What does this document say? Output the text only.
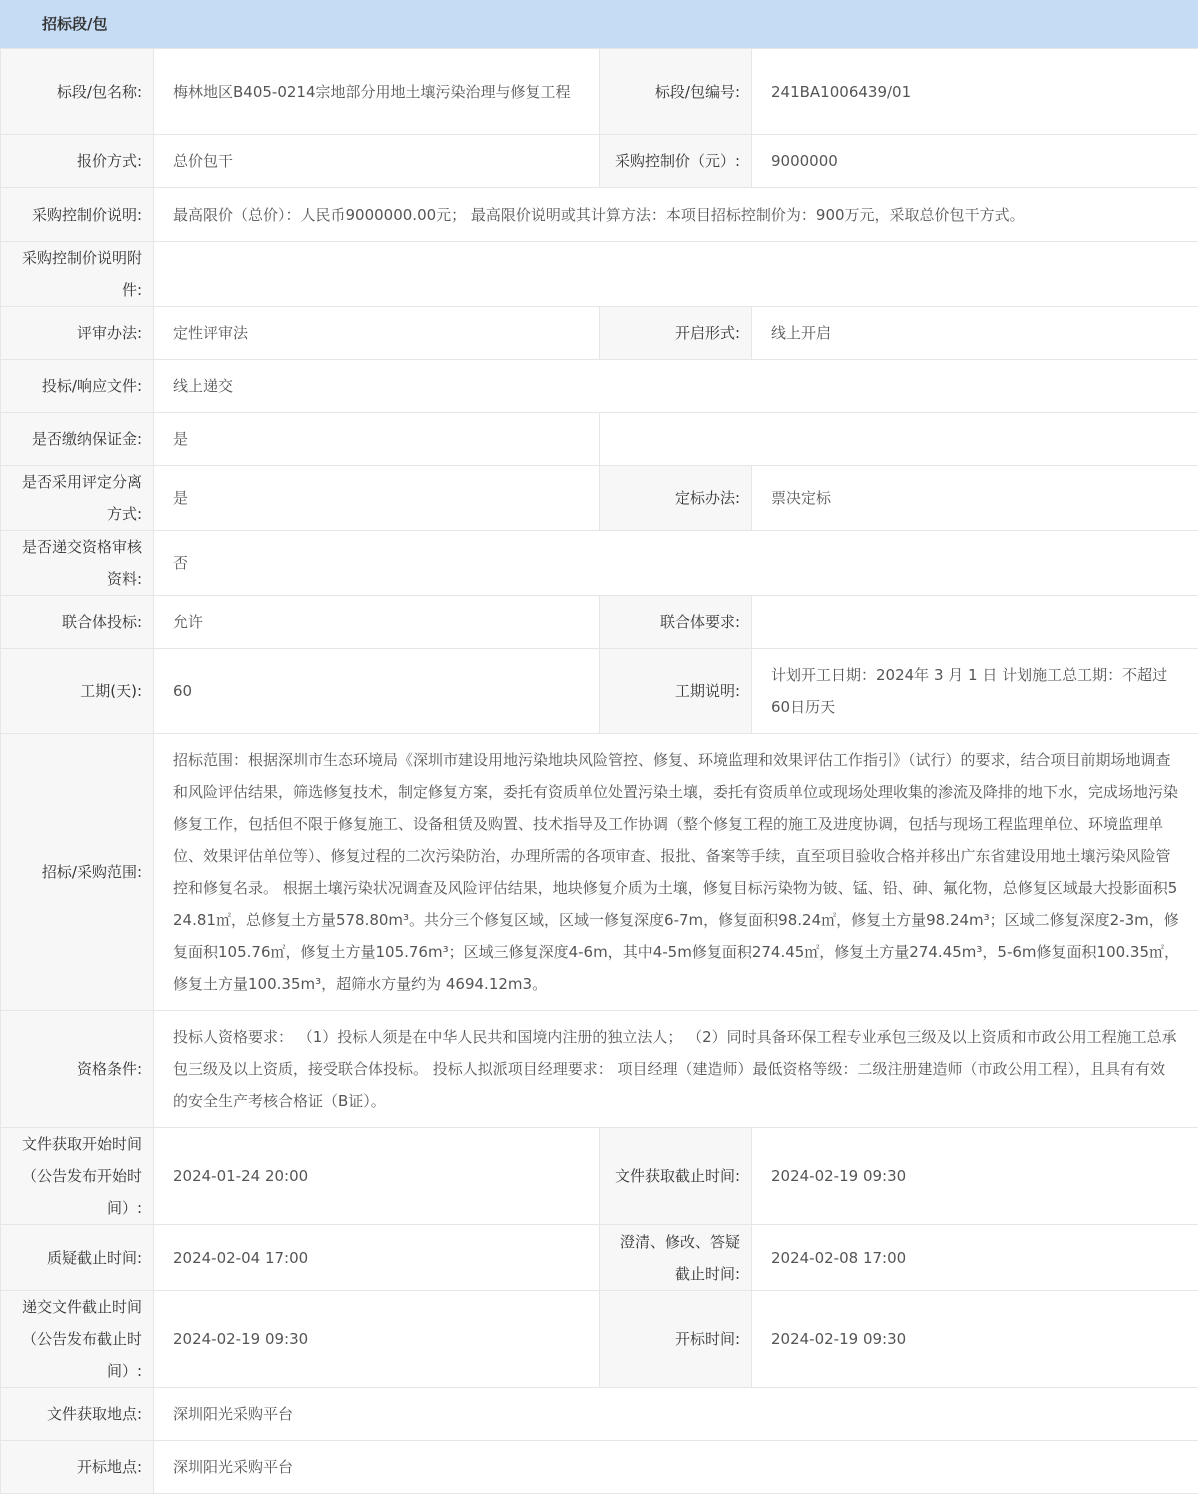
招标段/包
标段/包名称:	梅林地区B405-0214宗地部分用地土壤污染治理与修复工程	标段/包编号:	241BA1006439/01
报价方式:	总价包干	采购控制价（元）:	9000000
采购控制价说明:	最高限价（总价）：人民币9000000.00元； 最高限价说明或其计算方法：本项目招标控制价为：900万元，采取总价包干方式。		
采购控制价说明附件:			
评审办法:	定性评审法	开启形式:	线上开启
投标/响应文件:	线上递交		
是否缴纳保证金:	是		
是否采用评定分离方式:	是	定标办法:	票决定标
是否递交资格审核资料:	否		
联合体投标:	允许	联合体要求:	
工期(天):	60	工期说明:	计划开工日期：2024年 3 月 1 日 计划施工总工期：不超过60日历天
招标/采购范围:	招标范围：根据深圳市生态环境局《深圳市建设用地污染地块风险管控、修复、环境监理和效果评估工作指引》（试行）的要求，结合项目前期场地调查和风险评估结果，筛选修复技术，制定修复方案，委托有资质单位处置污染土壤，委托有资质单位或现场处理收集的渗流及降排的地下水，完成场地污染修复工作，包括但不限于修复施工、设备租赁及购置、技术指导及工作协调（整个修复工程的施工及进度协调，包括与现场工程监理单位、环境监理单位、效果评估单位等）、修复过程的二次污染防治，办理所需的各项审查、报批、备案等手续，直至项目验收合格并移出广东省建设用地土壤污染风险管控和修复名录。 根据土壤污染状况调查及风险评估结果，地块修复介质为土壤，修复目标污染物为铍、锰、铅、砷、氟化物，总修复区域最大投影面积524.81㎡，总修复土方量578.80m³。共分三个修复区域，区域一修复深度6-7m，修复面积98.24㎡，修复土方量98.24m³；区域二修复深度2-3m，修复面积105.76㎡，修复土方量105.76m³；区域三修复深度4-6m，其中4-5m修复面积274.45㎡，修复土方量274.45m³，5-6m修复面积100.35㎡，修复土方量100.35m³，超筛水方量约为 4694.12m3。		
资格条件:	投标人资格要求： （1）投标人须是在中华人民共和国境内注册的独立法人； （2）同时具备环保工程专业承包三级及以上资质和市政公用工程施工总承包三级及以上资质，接受联合体投标。 投标人拟派项目经理要求： 项目经理（建造师）最低资格等级：二级注册建造师（市政公用工程），且具有有效的安全生产考核合格证（B证）。		
文件获取开始时间（公告发布开始时间）:	2024-01-24 20:00	文件获取截止时间:	2024-02-19 09:30
质疑截止时间:	2024-02-04 17:00	澄清、修改、答疑截止时间:	2024-02-08 17:00
递交文件截止时间（公告发布截止时间）:	2024-02-19 09:30	开标时间:	2024-02-19 09:30
文件获取地点:	深圳阳光采购平台		
开标地点:	深圳阳光采购平台		
